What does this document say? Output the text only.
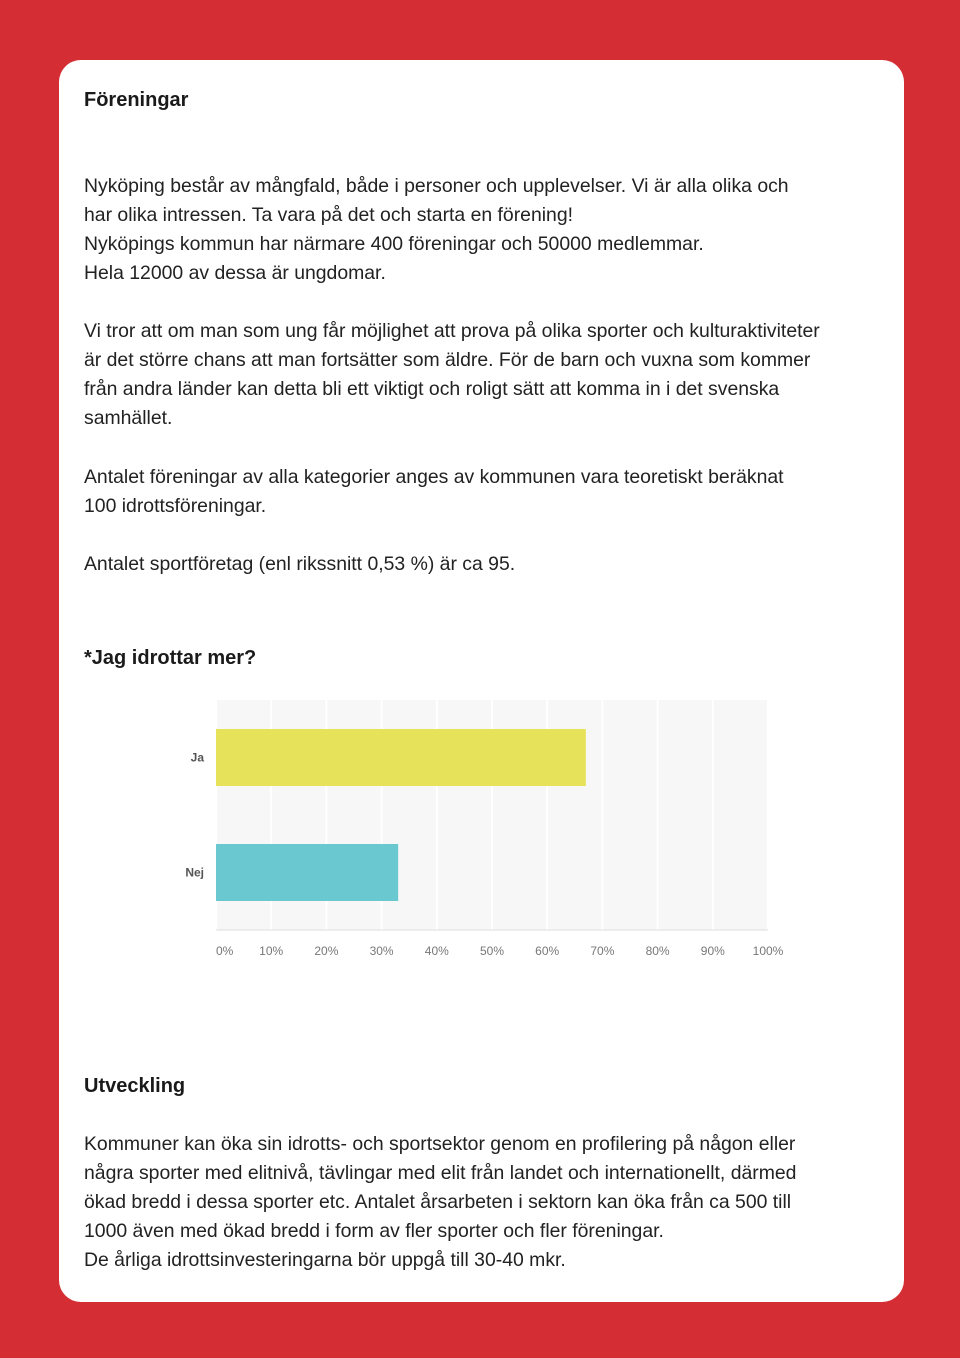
Föreningar

Nyköping består av mångfald, både i personer och upplevelser. Vi är alla olika och
har olika intressen. Ta vara på det och starta en förening!
Nyköpings kommun har närmare 400 föreningar och 50000 medlemmar.
Hela 12000 av dessa är ungdomar.

Vi tror att om man som ung får möjlighet att prova på olika sporter och kulturaktiviteter
är det större chans att man fortsätter som äldre. För de barn och vuxna som kommer
från andra länder kan detta bli ett viktigt och roligt sätt att komma in i det svenska
samhället.

Antalet föreningar av alla kategorier anges av kommunen vara teoretiskt beräknat
100 idrottsföreningar.

Antalet sportföretag (enl rikssnitt 0,53 %) är ca 95.

*Jag idrottar mer?
Ja
Nej
0% 10%	20%	30%	40%	50%	60%	70%	80%	90% 100%
Utveckling

Kommuner kan öka sin idrotts- och sportsektor genom en profilering på någon eller
några sporter med elitnivå, tävlingar med elit från landet och internationellt, därmed
ökad bredd i dessa sporter etc. Antalet årsarbeten i sektorn kan öka från ca 500 till
1000 även med ökad bredd i form av fler sporter och fler föreningar.
De årliga idrottsinvesteringarna bör uppgå till 30-40 mkr.
